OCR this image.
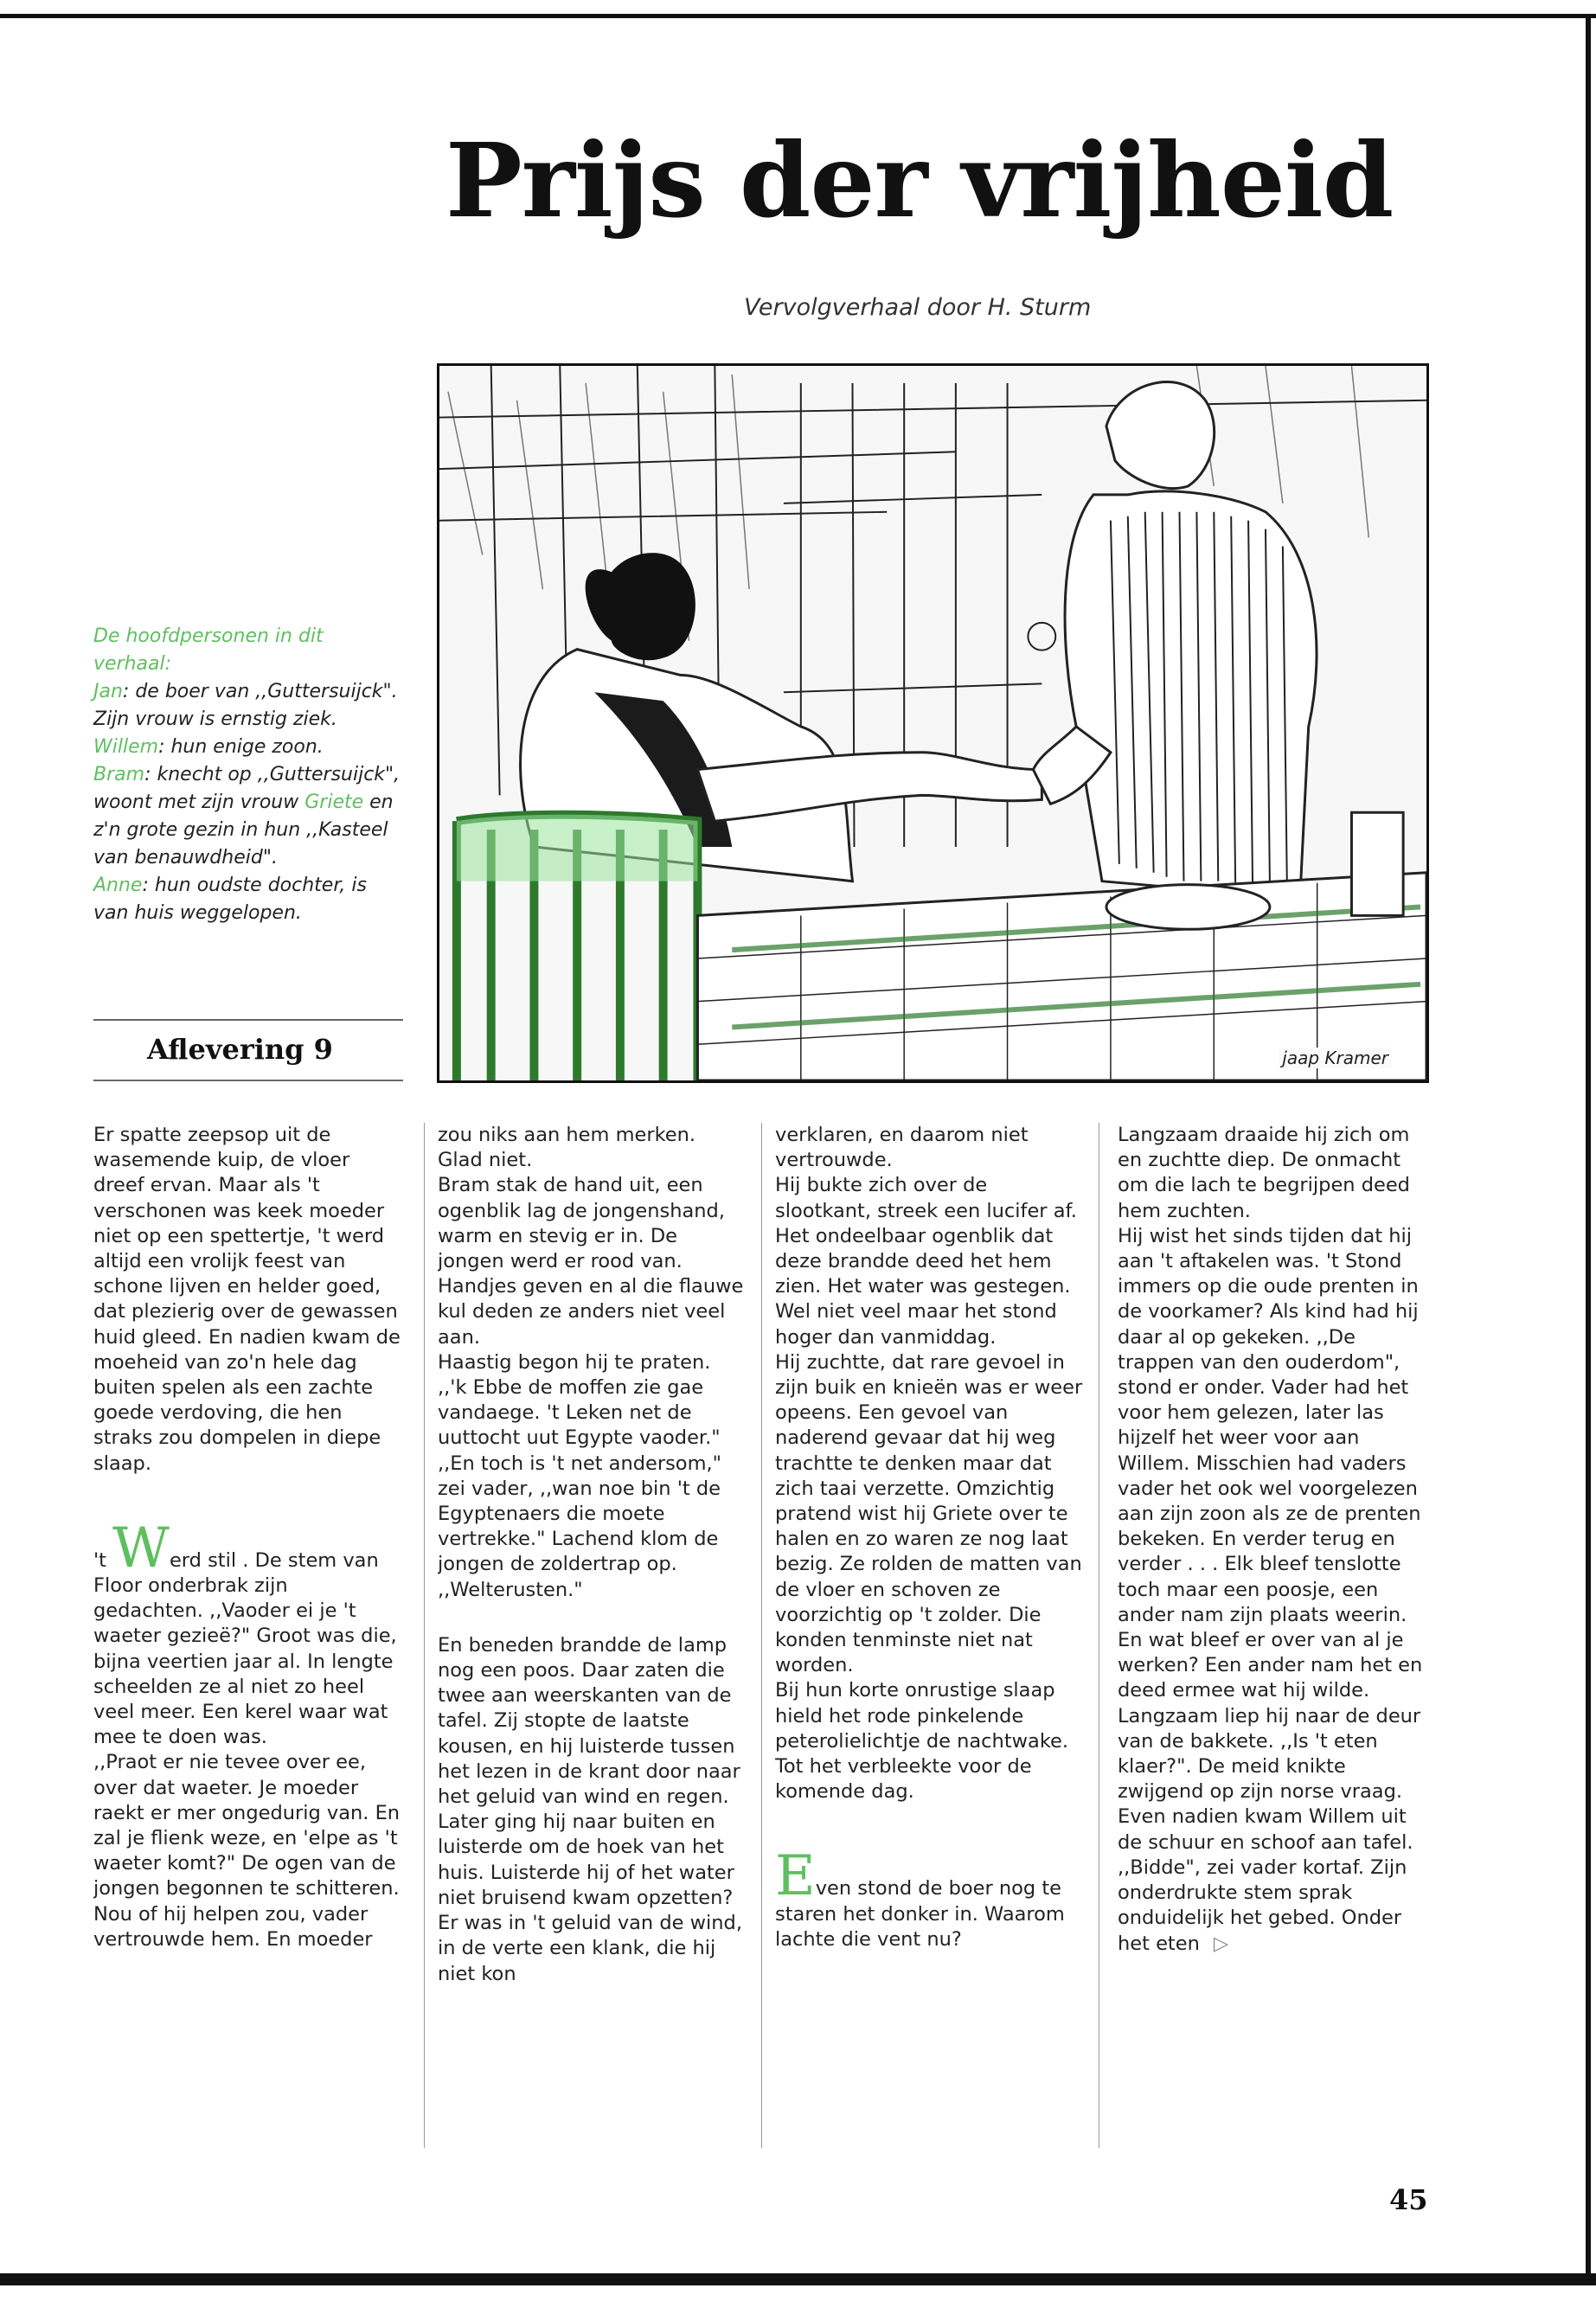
Prijs der vrijheid

Vervolgverhaal door H. Sturm

jaap Kramer

De hoofdpersonen in dit verhaal:

Jan: de boer van ,,Guttersuijck". Zijn vrouw is ernstig ziek.

Willem: hun enige zoon.

Bram: knecht op ,,Guttersuijck", woont met zijn vrouw Griete en z'n grote gezin in hun ,,Kasteel van benauwdheid".

Anne: hun oudste dochter, is van huis weggelopen.

Aflevering 9

Er spatte zeepsop uit de wasemende kuip, de vloer dreef ervan. Maar als 't verschonen was keek moeder niet op een spettertje, 't werd altijd een vrolijk feest van schone lijven en helder goed, dat plezierig over de gewassen huid gleed. En nadien kwam de moeheid van zo'n hele dag buiten spelen als een zachte goede verdoving, die hen straks zou dompelen in diepe slaap.

't Werd stil . De stem van Floor onderbrak zijn gedachten. ,,Vaoder ei je 't waeter gezieë?" Groot was die, bijna veertien jaar al. In lengte scheelden ze al niet zo heel veel meer. Een kerel waar wat mee te doen was.

,,Praot er nie tevee over ee, over dat waeter. Je moeder raekt er mer ongedurig van. En zal je flienk weze, en 'elpe as 't waeter komt?" De ogen van de jongen begonnen te schitteren. Nou of hij helpen zou, vader vertrouwde hem. En moeder

zou niks aan hem merken. Glad niet.

Bram stak de hand uit, een ogenblik lag de jongenshand, warm en stevig er in. De jongen werd er rood van. Handjes geven en al die flauwe kul deden ze anders niet veel aan.

Haastig begon hij te praten. ,,'k Ebbe de moffen zie gae vandaege. 't Leken net de uuttocht uut Egypte vaoder." ,,En toch is 't net andersom," zei vader, ,,wan noe bin 't de Egyptenaers die moete vertrekke." Lachend klom de jongen de zoldertrap op. ,,Welterusten."

En beneden brandde de lamp nog een poos. Daar zaten die twee aan weerskanten van de tafel. Zij stopte de laatste kousen, en hij luisterde tussen het lezen in de krant door naar het geluid van wind en regen. Later ging hij naar buiten en luisterde om de hoek van het huis. Luisterde hij of het water niet bruisend kwam opzetten? Er was in 't geluid van de wind, in de verte een klank, die hij niet kon

verklaren, en daarom niet vertrouwde.

Hij bukte zich over de slootkant, streek een lucifer af. Het ondeelbaar ogenblik dat deze brandde deed het hem zien. Het water was gestegen. Wel niet veel maar het stond hoger dan vanmiddag.

Hij zuchtte, dat rare gevoel in zijn buik en knieën was er weer opeens. Een gevoel van naderend gevaar dat hij weg trachtte te denken maar dat zich taai verzette. Omzichtig pratend wist hij Griete over te halen en zo waren ze nog laat bezig. Ze rolden de matten van de vloer en schoven ze voorzichtig op 't zolder. Die konden tenminste niet nat worden.

Bij hun korte onrustige slaap hield het rode pinkelende peterolielichtje de nachtwake. Tot het verbleekte voor de komende dag.

Even stond de boer nog te staren het donker in. Waarom lachte die vent nu?

Langzaam draaide hij zich om en zuchtte diep. De onmacht om die lach te begrijpen deed hem zuchten.

Hij wist het sinds tijden dat hij aan 't aftakelen was. 't Stond immers op die oude prenten in de voorkamer? Als kind had hij daar al op gekeken. ,,De trappen van den ouderdom", stond er onder. Vader had het voor hem gelezen, later las hijzelf het weer voor aan Willem. Misschien had vaders vader het ook wel voorgelezen aan zijn zoon als ze de prenten bekeken. En verder terug en verder . . . Elk bleef tenslotte toch maar een poosje, een ander nam zijn plaats weerin. En wat bleef er over van al je werken? Een ander nam het en deed ermee wat hij wilde.

Langzaam liep hij naar de deur van de bakkete. ,,Is 't eten klaer?". De meid knikte zwijgend op zijn norse vraag.

Even nadien kwam Willem uit de schuur en schoof aan tafel. ,,Bidde", zei vader kortaf. Zijn onderdrukte stem sprak onduidelijk het gebed. Onder het eten ▷

45
